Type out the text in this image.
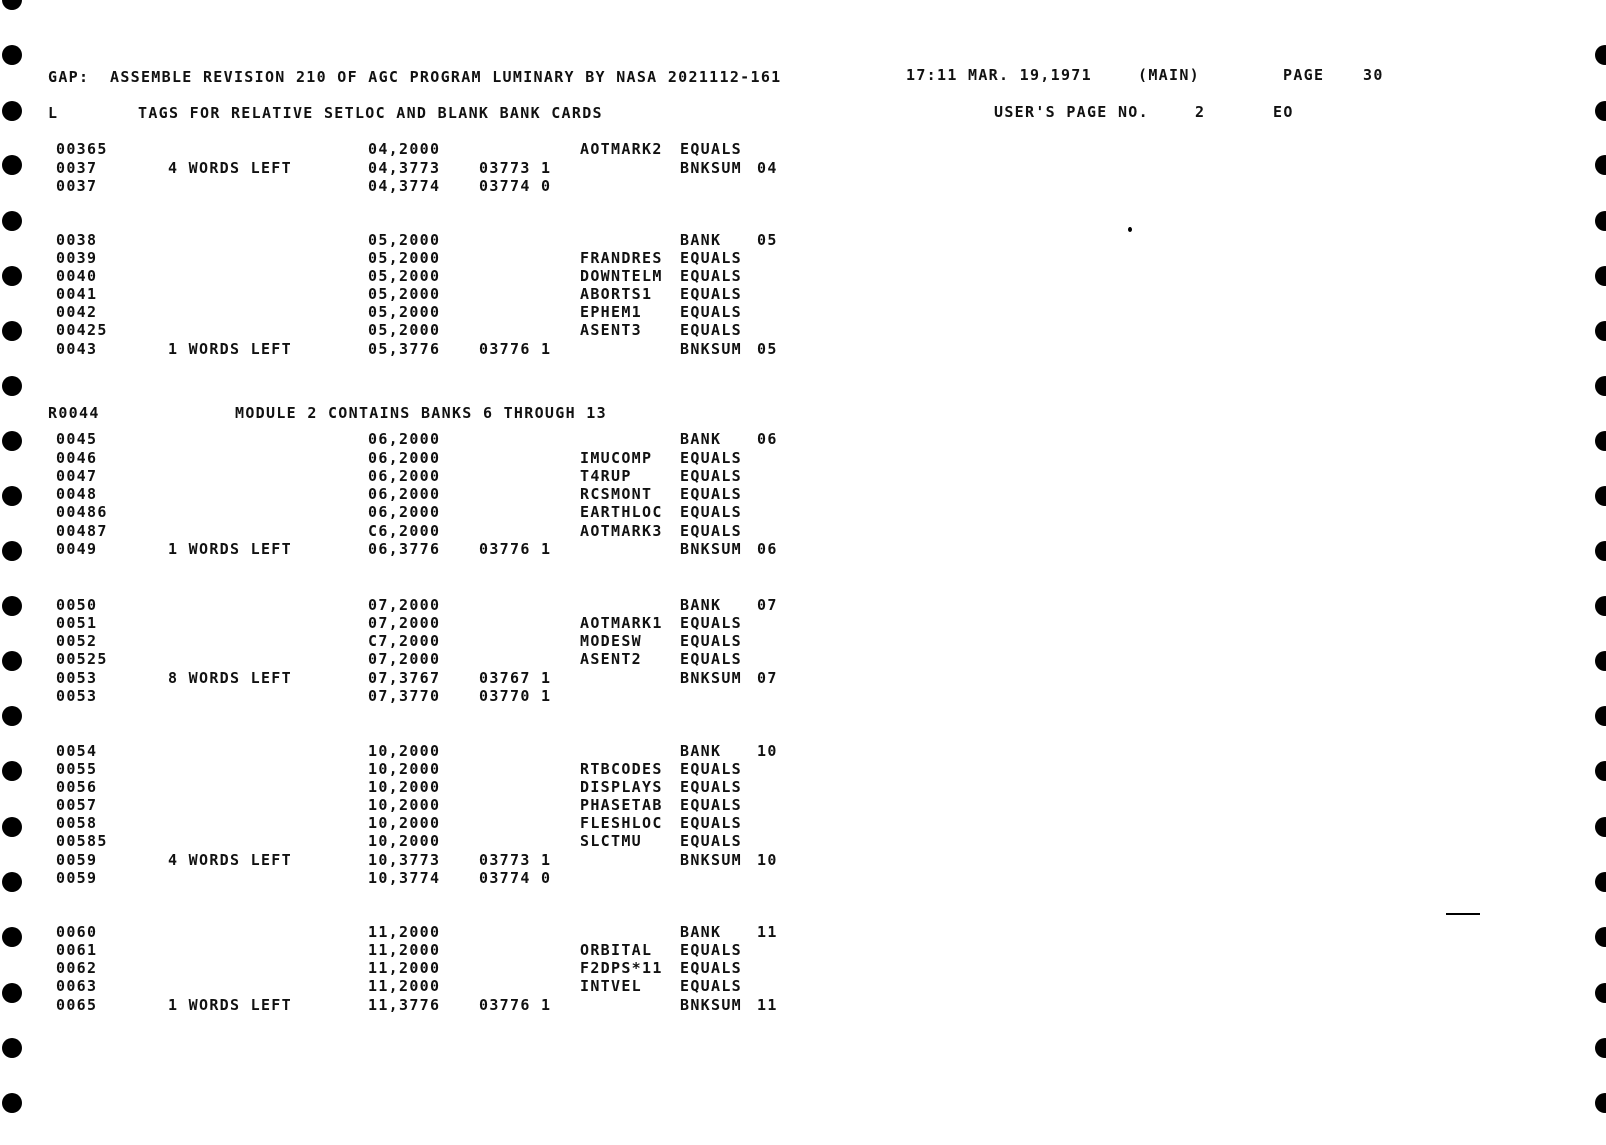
GAP:  ASSEMBLE REVISION 210 OF AGC PROGRAM LUMINARY BY NASA 2021112-161	17:11 MAR. 19,1971	(MAIN)	PAGE	30
L	TAGS FOR RELATIVE SETLOC AND BLANK BANK CARDS	USER'S PAGE NO.	2	EO
R0044	MODULE 2 CONTAINS BANKS 6 THROUGH 13
00365	04,2000	AOTMARK2 EQUALS
0037	4 WORDS LEFT	04,3773	03773 1	BNKSUM 04
0037	04,3774	03774 0
0038	05,2000	BANK 05
0039	05,2000	FRANDRES EQUALS
0040	05,2000	DOWNTELM EQUALS
0041	05,2000	ABORTS1 EQUALS
0042	05,2000	EPHEM1	EQUALS
00425	05,2000	ASENT3	EQUALS
0043	1 WORDS LEFT	05,3776	03776 1	BNKSUM 05
0045	06,2000	BANK 06
0046	06,2000	IMUCOMP EQUALS
0047	06,2000	T4RUP	EQUALS
0048	06,2000	RCSMONT EQUALS
00486	06,2000	EARTHLOC EQUALS
00487	C6,2000	AOTMARK3 EQUALS
0049	1 WORDS LEFT	06,3776	03776 1	BNKSUM 06
0050	07,2000	BANK 07
0051	07,2000	AOTMARK1 EQUALS
0052	C7,2000	MODESW	EQUALS
00525	07,2000	ASENT2	EQUALS
0053	8 WORDS LEFT	07,3767	03767 1	BNKSUM 07
0053	07,3770	03770 1
0054	10,2000	BANK 10
0055	10,2000	RTBCODES EQUALS
0056	10,2000	DISPLAYS EQUALS
0057	10,2000	PHASETAB EQUALS
0058	10,2000	FLESHLOC EQUALS
00585	10,2000	SLCTMU	EQUALS
0059	4 WORDS LEFT	10,3773	03773 1	BNKSUM 10
0059	10,3774	03774 0
0060	11,2000	BANK 11
0061	11,2000	ORBITAL EQUALS
0062	11,2000	F2DPS*11 EQUALS
0063	11,2000	INTVEL	EQUALS
0065	1 WORDS LEFT	11,3776	03776 1	BNKSUM 11
